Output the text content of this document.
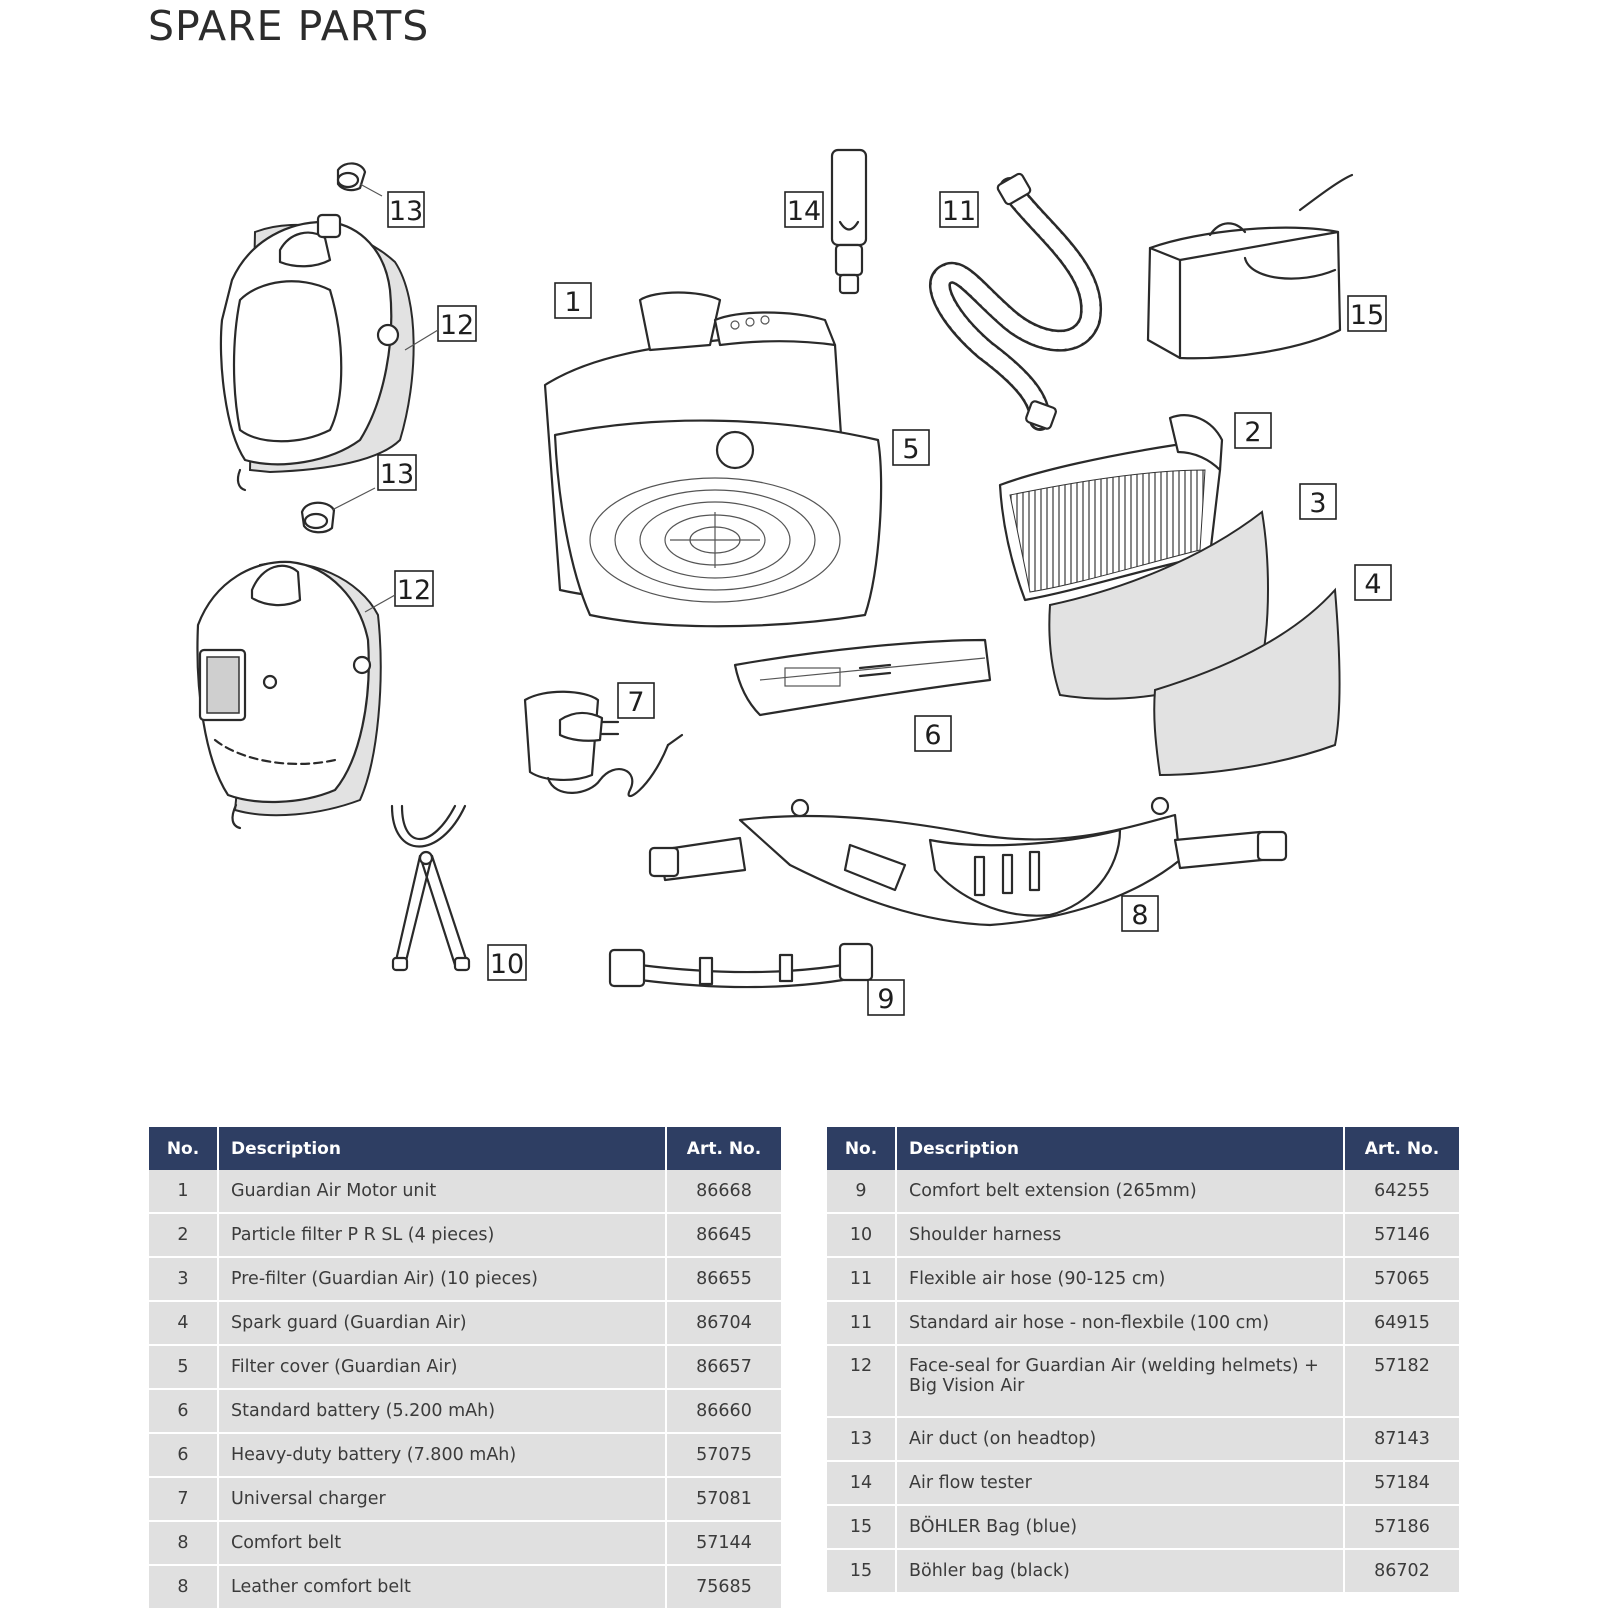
SPARE PARTS
13
12
13
12
1
5
14	11
15
2
3
4
6
7
8
9
10
No.	Description	Art. No.
1	Guardian Air Motor unit	86668
2	Particle filter P R SL (4 pieces)	86645
3	Pre-filter (Guardian Air) (10 pieces)	86655
4	Spark guard (Guardian Air)	86704
5	Filter cover (Guardian Air)	86657
6	Standard battery (5.200 mAh)	86660
6	Heavy-duty battery (7.800 mAh)	57075
7	Universal charger	57081
8	Comfort belt	57144
8	Leather comfort belt	75685
No.	Description	Art. No.
9	Comfort belt extension (265mm)	64255
10	Shoulder harness	57146
11	Flexible air hose (90-125 cm)	57065
11	Standard air hose - non-flexbile (100 cm)	64915
12	Face-seal for Guardian Air (welding helmets) + Big Vision Air	57182
13	Air duct (on headtop)	87143
14	Air flow tester	57184
15	BÖHLER Bag (blue)	57186
15	Böhler bag (black)	86702
